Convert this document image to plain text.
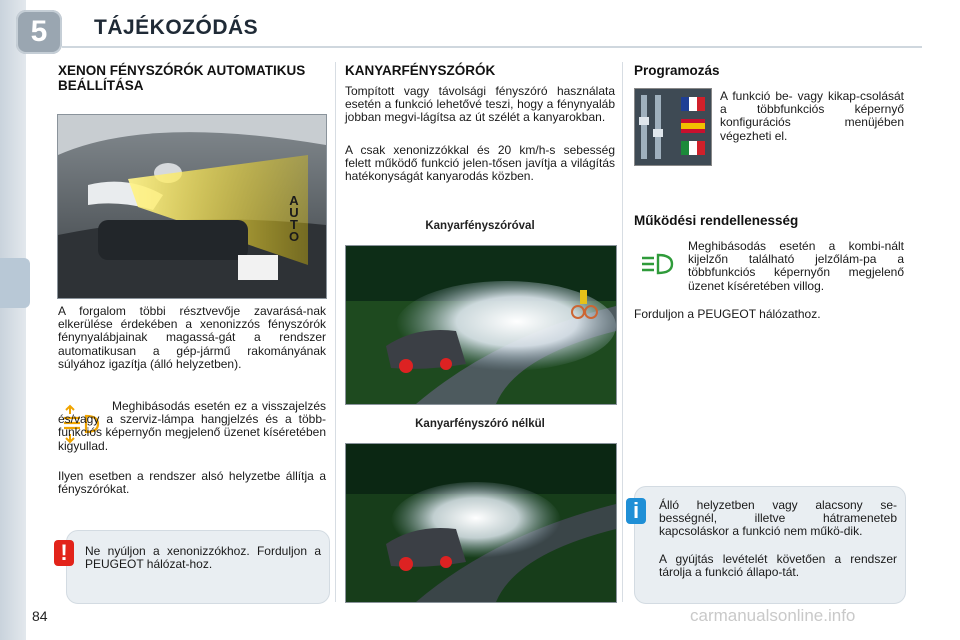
5	TÁJÉKOZÓDÁS
XENON FÉNYSZÓRÓK AUTOMATIKUS BEÁLLÍTÁSA
AUTO
A forgalom többi résztvevője zavarásá-nak elkerülése érdekében a xenonizzós fényszórók fénynyalábjainak magassá-gát a rendszer automatikusan a gép-jármű rakományának súlyához igazítja (álló helyzetben).
Meghibásodás esetén ez a visszajelzés és/vagy a szerviz-lámpa hangjelzés és a több-funkciós képernyőn megjelenő üzenet kíséretében kigyullad.
Ilyen esetben a rendszer alsó helyzetbe állítja a fényszórókat.
Ne nyúljon a xenonizzókhoz. Forduljon a PEUGEOT hálózat-hoz.
!
KANYARFÉNYSZÓRÓK
Tompított vagy távolsági fényszóró használata esetén a funkció lehetővé teszi, hogy a fénynyaláb jobban megvi-lágítsa az út szélét a kanyarokban.
A csak xenonizzókkal és 20 km/h-s sebesség felett működő funkció jelen-tősen javítja a világítás hatékonyságát kanyarodás közben.
Kanyarfényszóróval
Kanyarfényszóró nélkül
Programozás
A funkció be- vagy kikap-csolását a többfunkciós képernyő konfigurációs menüjében végezheti el.
Működési rendellenesség
Meghibásodás esetén a kombi-nált kijelzőn található jelzőlám-pa a többfunkciós képernyőn megjelenő üzenet kíséretében villog.
Forduljon a PEUGEOT hálózathoz.
Álló helyzetben vagy alacsony se-bességnél, illetve hátrameneteb kapcsoláskor a funkció nem műkö-dik.
A gyújtás levételét követően a rendszer tárolja a funkció állapo-tát.
i
84	carmanualsonline.info
